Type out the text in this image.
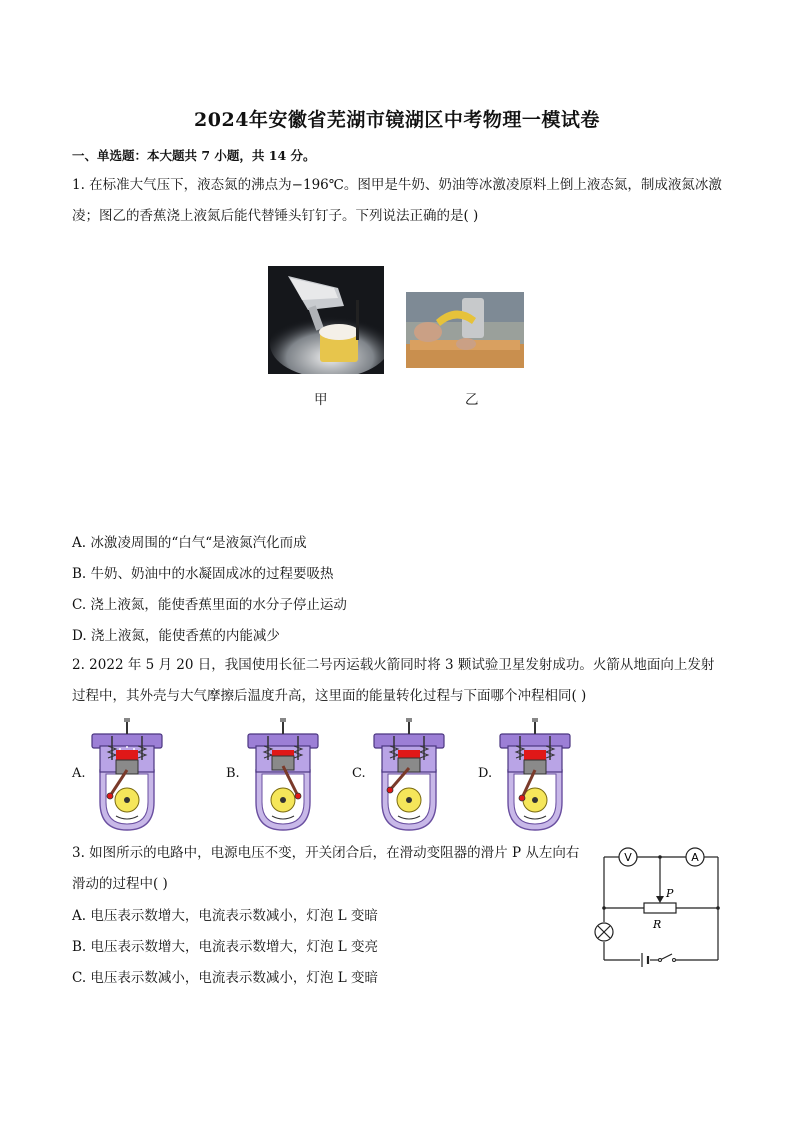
2024年安徽省芜湖市镜湖区中考物理一模试卷
一、单选题：本大题共 7 小题，共 14 分。
1. 在标准大气压下，液态氮的沸点为−196℃。图甲是牛奶、奶油等冰激凌原料上倒上液态氮，制成液氮冰激凌；图乙的香蕉浇上液氮后能代替锤头钉钉子。下列说法正确的是( )
甲	乙
A. 冰激凌周围的“白气“是液氮汽化而成
B. 牛奶、奶油中的水凝固成冰的过程要吸热
C. 浇上液氮，能使香蕉里面的水分子停止运动
D. 浇上液氮，能使香蕉的内能减少
2. 2022 年 5 月 20 日，我国使用长征二号丙运载火箭同时将 3 颗试验卫星发射成功。火箭从地面向上发射过程中，其外壳与大气摩擦后温度升高，这里面的能量转化过程与下面哪个冲程相同( )
A.	B.	C.	D.
3. 如图所示的电路中，电源电压不变，开关闭合后，在滑动变阻器的滑片 P 从左向右滑动的过程中( )
A. 电压表示数增大，电流表示数减小，灯泡 L 变暗
B. 电压表示数增大，电流表示数增大，灯泡 L 变亮
C. 电压表示数减小，电流表示数减小，灯泡 L 变暗
V	A
P
R
